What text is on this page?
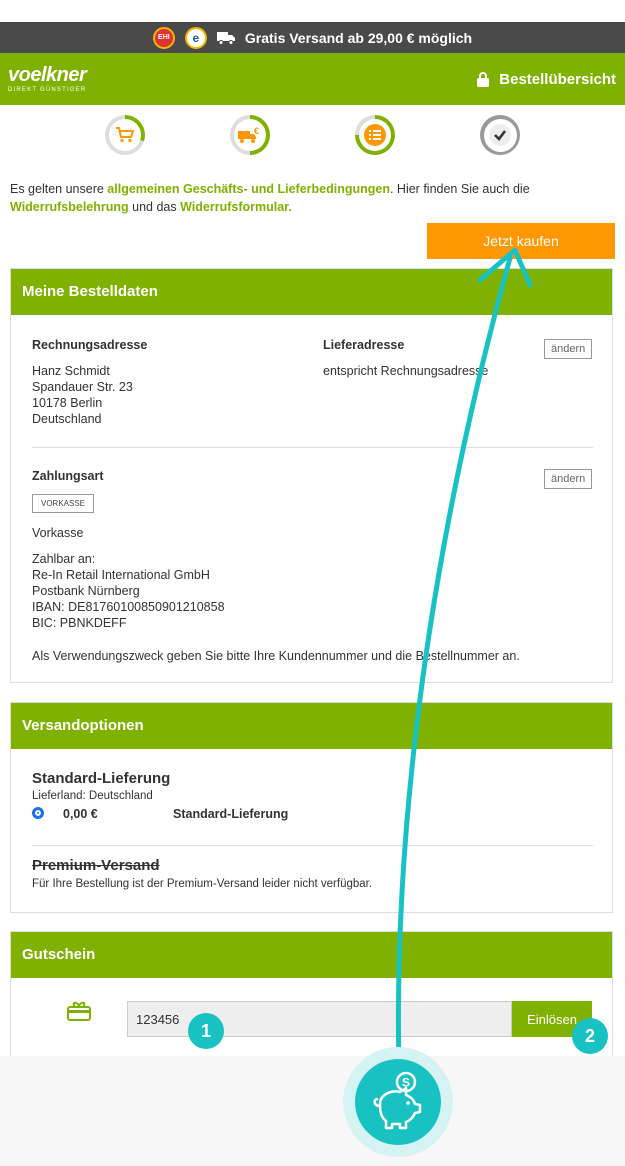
EHI	e	Gratis Versand ab 29,00 € möglich
voelkner
DIREKT GÜNSTIGER
Bestellübersicht
€
Es gelten unsere allgemeinen Geschäfts- und Lieferbedingungen. Hier finden Sie auch die Widerrufsbelehrung und das Widerrufsformular.
Jetzt kaufen
Meine Bestelldaten
Rechnungsadresse
Hanz Schmidt
Spandauer Str. 23
10178 Berlin
Deutschland
Lieferadresse
entspricht Rechnungsadresse
ändern
Zahlungsart	ändern
VORKASSE
Vorkasse
Zahlbar an:
Re-In Retail International GmbH
Postbank Nürnberg
IBAN: DE81760100850901210858
BIC: PBNKDEFF
Als Verwendungszweck geben Sie bitte Ihre Kundennummer und die Bestellnummer an.
Versandoptionen
Standard-Lieferung
Lieferland: Deutschland
0,00 €	Standard-Lieferung
Premium-Versand
Für Ihre Bestellung ist der Premium-Versand leider nicht verfügbar.
Gutschein
123456
Einlösen
1	2
S
